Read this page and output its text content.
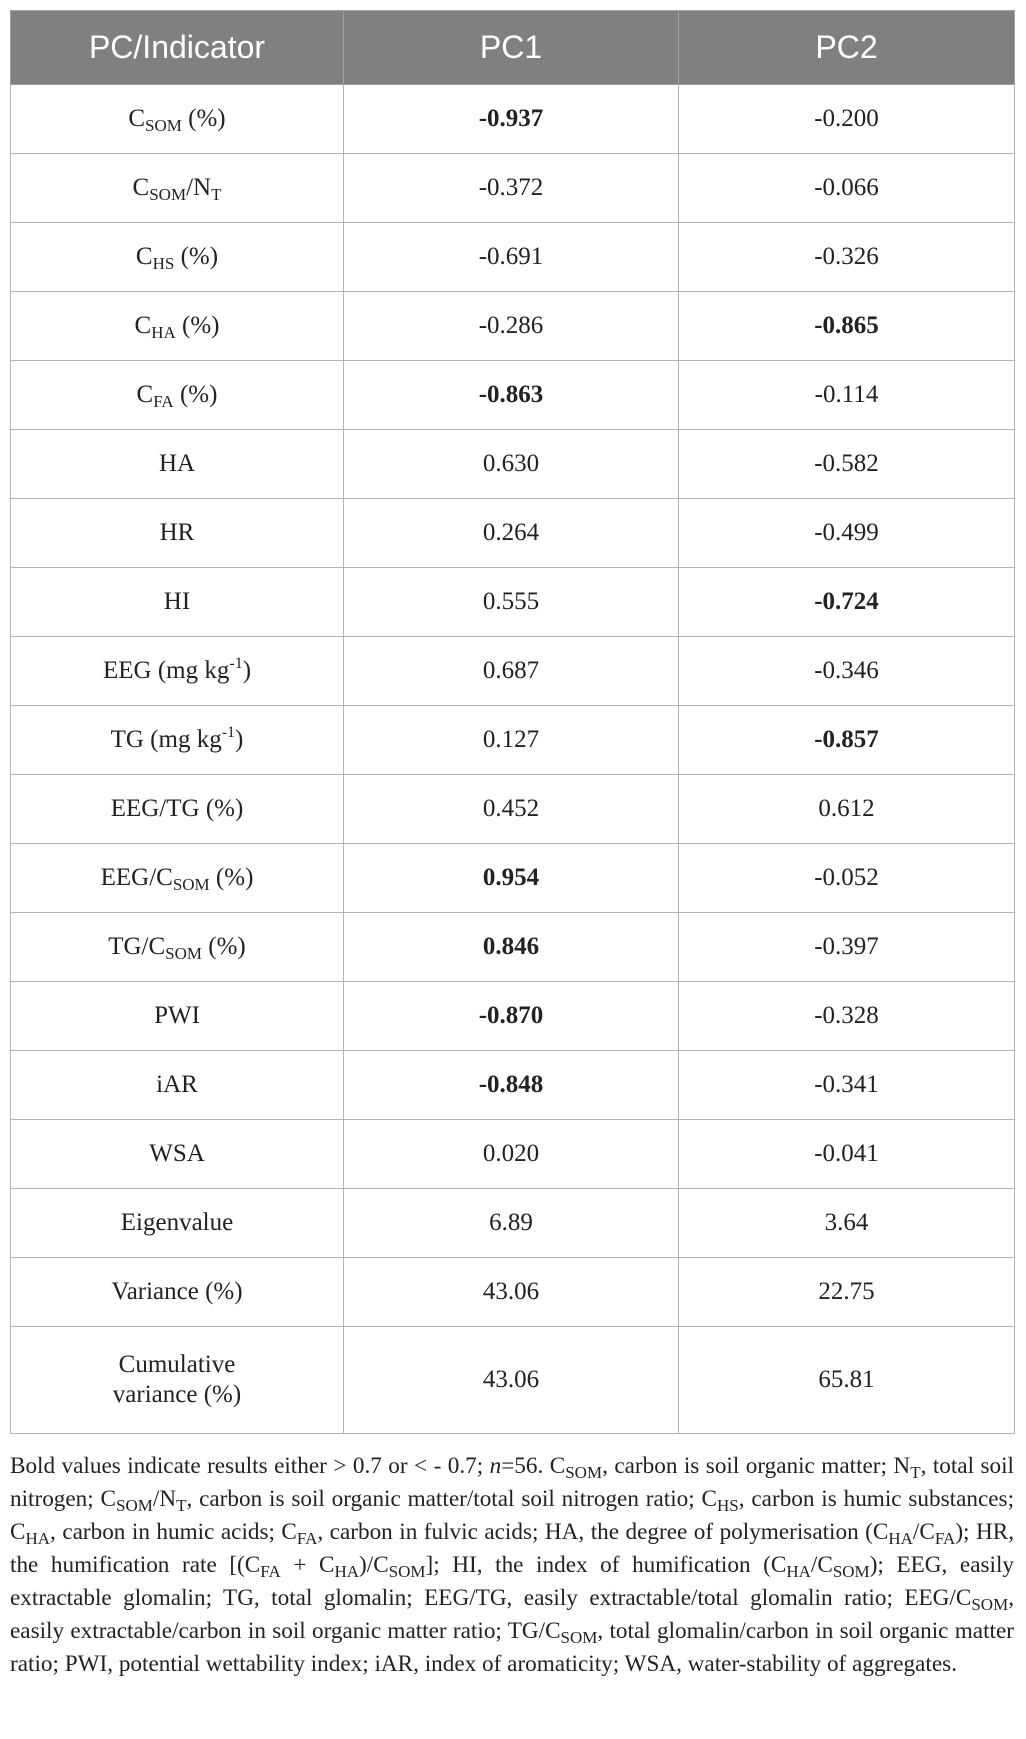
PC/Indicator	PC1	PC2
$C_{SOM}$ (%)	-0.937	-0.200
$C_{SOM}/N_T$	-0.372	-0.066
$C_{HS}$ (%)	-0.691	-0.326
$C_{HA}$ (%)	-0.286	-0.865
$C_{FA}$ (%)	-0.863	-0.114
HA	0.630	-0.582
HR	0.264	-0.499
HI	0.555	-0.724
EEG (mg $kg^{-1}$)	0.687	-0.346
TG (mg $kg^{-1}$)	0.127	-0.857
EEG/TG (%)	0.452	0.612
EEG/$C_{SOM}$ (%)	0.954	-0.052
$TG/C_{SOM}$ (%)	0.846	-0.397
PWI	-0.870	-0.328
iAR	-0.848	-0.341
WSA	0.020	-0.041
Eigenvalue	6.89	3.64
Variance (%)	43.06	22.75
Cumulative
variance (%)	43.06	65.81
Bold values indicate results either > 0.7 or < - 0.7; n=56. $C_{SOM}$, carbon is soil organic matter; $N_T$, total soil nitrogen; $C_{SOM}/N_T$, carbon is soil organic matter/total soil nitrogen ratio; $C_{HS}$, carbon is humic substances; $C_{HA}$, carbon in humic acids; $C_{FA}$, carbon in fulvic acids; HA, the degree of polymerisation $(C_{HA}/C_{FA})$; HR, the humification rate $[(C_{FA} + C_{HA})/C_{SOM}]$; HI, the index of humification $(C_{HA}/C_{SOM})$; EEG, easily extractable glomalin; TG, total glomalin; EEG/TG, easily extractable/total glomalin ratio; EEG/$C_{SOM}$, easily extractable/carbon in soil organic matter ratio; $TG/C_{SOM}$, total glomalin/carbon in soil organic matter ratio; PWI, potential wettability index; iAR, index of aromaticity; WSA, water-stability of aggregates.
